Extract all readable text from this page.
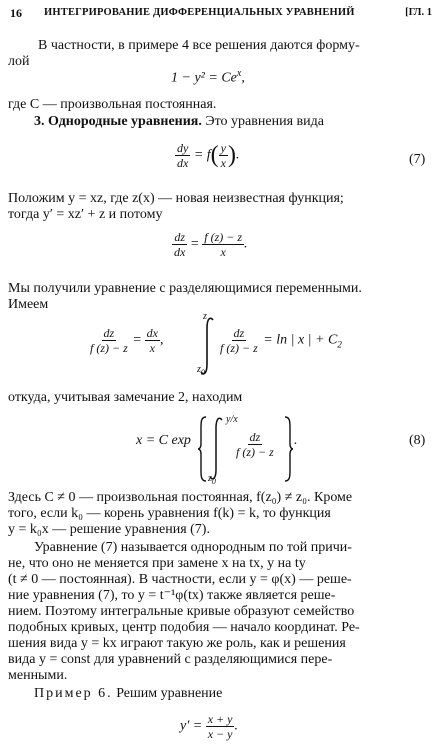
16 ИНТЕГРИРОВАНИЕ ДИФФЕРЕНЦИАЛЬНЫХ УРАВНЕНИЙ	[ГЛ. 1
В частности, в примере 4 все решения даются форму-
лой
$1 - y^2 = Ce^x$,
где C — произвольная постоянная.
3. Однородные уравнения. Это уравнения вида
$\frac{dy}{dx} = f( \frac{y}{x}$ ).	(7)
Положим y = xz, где z(x) — новая неизвестная функция;
тогда y′ = xz′ + z и потому
$\frac{dz}{dx} = \frac{f (z) - z}{x}$ .
Мы получили уравнение с разделяющимися переменными.
Имеем
$\frac{dz}{f (z) - z} = \frac{dx}{x}$ ,
z
$z_0$
$\frac{dz}{f (z) - z} = \ln$ | x | + $C_2$
откуда, учитывая замечание 2, находим
x = C exp
y/x
$z_0$
$\frac{dz}{f (z) - z}$ .	(8)
Здесь C ≠ 0 — произвольная постоянная, f(z₀) ≠ z₀. Кроме
того, если k₀ — корень уравнения f(k) = k, то функция
y = k₀x — решение уравнения (7).
Уравнение (7) называется однородным по той причи-
не, что оно не меняется при замене x на tx, y на ty
(t ≠ 0 — постоянная). В частности, если y = φ(x) — реше-
ние уравнения (7), то y = t⁻¹φ(tx) также является реше-
нием. Поэтому интегральные кривые образуют семейство
подобных кривых, центр подобия — начало координат. Ре-
шения вида y = kx играют такую же роль, как и решения
вида y = const для уравнений с разделяющимися пере-
менными.
Пример 6. Решим уравнение
$y' = \frac{x + y}{x - y}$ .
